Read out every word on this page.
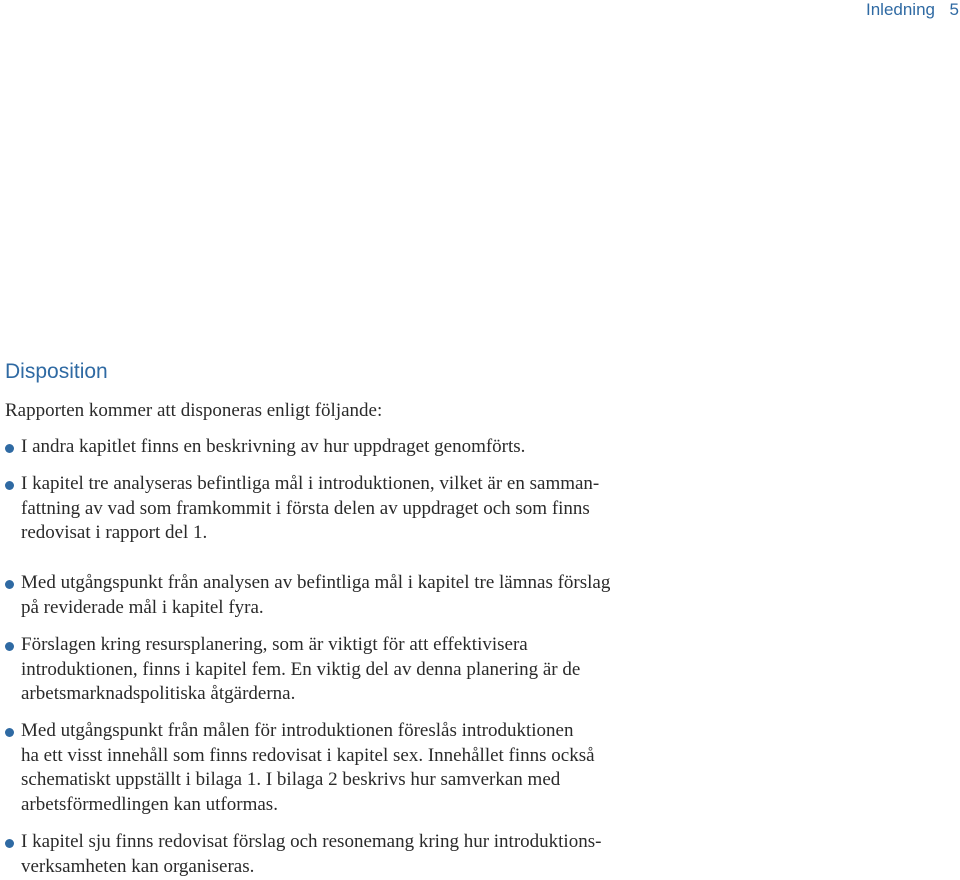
Inledning 5
Disposition
Rapporten kommer att disponeras enligt följande:
I andra kapitlet finns en beskrivning av hur uppdraget genomförts.
I kapitel tre analyseras befintliga mål i introduktionen, vilket är en samman-
fattning av vad som framkommit i första delen av uppdraget och som finns
redovisat i rapport del 1.
Med utgångspunkt från analysen av befintliga mål i kapitel tre lämnas förslag
på reviderade mål i kapitel fyra.
Förslagen kring resursplanering, som är viktigt för att effektivisera
introduktionen, finns i kapitel fem. En viktig del av denna planering är de
arbetsmarknadspolitiska åtgärderna.
Med utgångspunkt från målen för introduktionen föreslås introduktionen
ha ett visst innehåll som finns redovisat i kapitel sex. Innehållet finns också
schematiskt uppställt i bilaga 1. I bilaga 2 beskrivs hur samverkan med
arbetsförmedlingen kan utformas.
I kapitel sju finns redovisat förslag och resonemang kring hur introduktions-
verksamheten kan organiseras.
